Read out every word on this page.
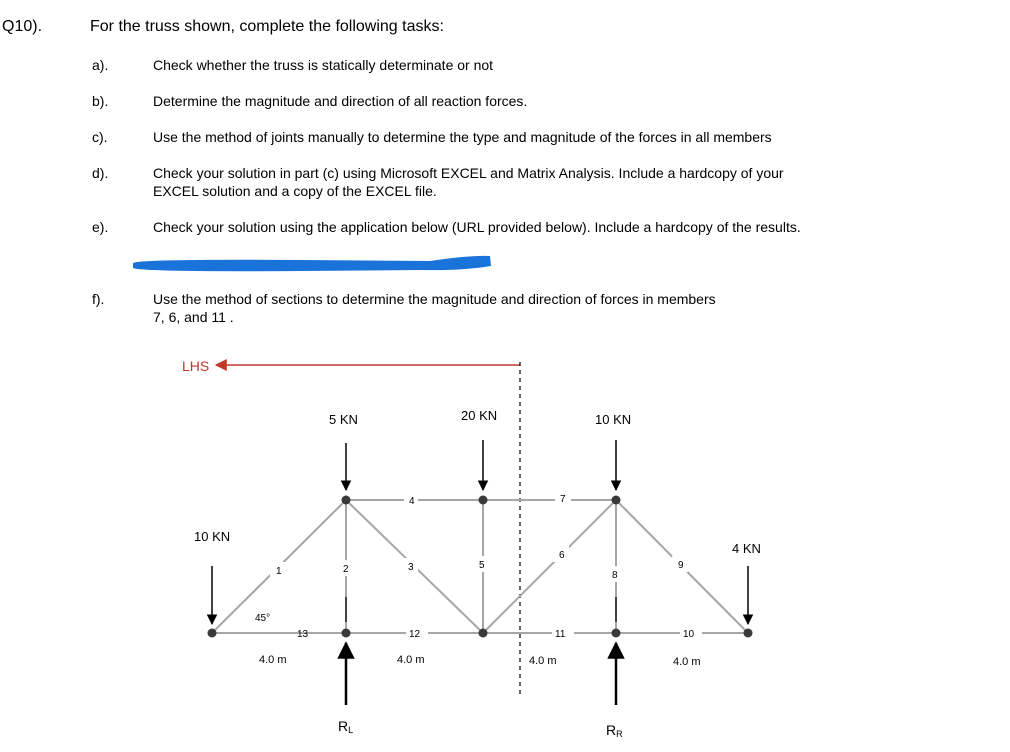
Q10).	For the truss shown, complete the following tasks:
a).	Check whether the truss is statically determinate or not
b).	Determine the magnitude and direction of all reaction forces.
c).	Use the method of joints manually to determine the type and magnitude of the forces in all members
d).	Check your solution in part (c) using Microsoft EXCEL and Matrix Analysis. Include a hardcopy of your
EXCEL solution and a copy of the EXCEL file.
e).	Check your solution using the application below (URL provided below). Include a hardcopy of the results.
f).	Use the method of sections to determine the magnitude and direction of forces in members
7, 6, and 11 .
LHS
5 KN	20 KN	10 KN
10 KN
4 KN
45°
1	2	3
4
5
6
7
8
9
10
11
12
13
4.0 m	4.0 m	4.0 m	4.0 m
RL	RR
